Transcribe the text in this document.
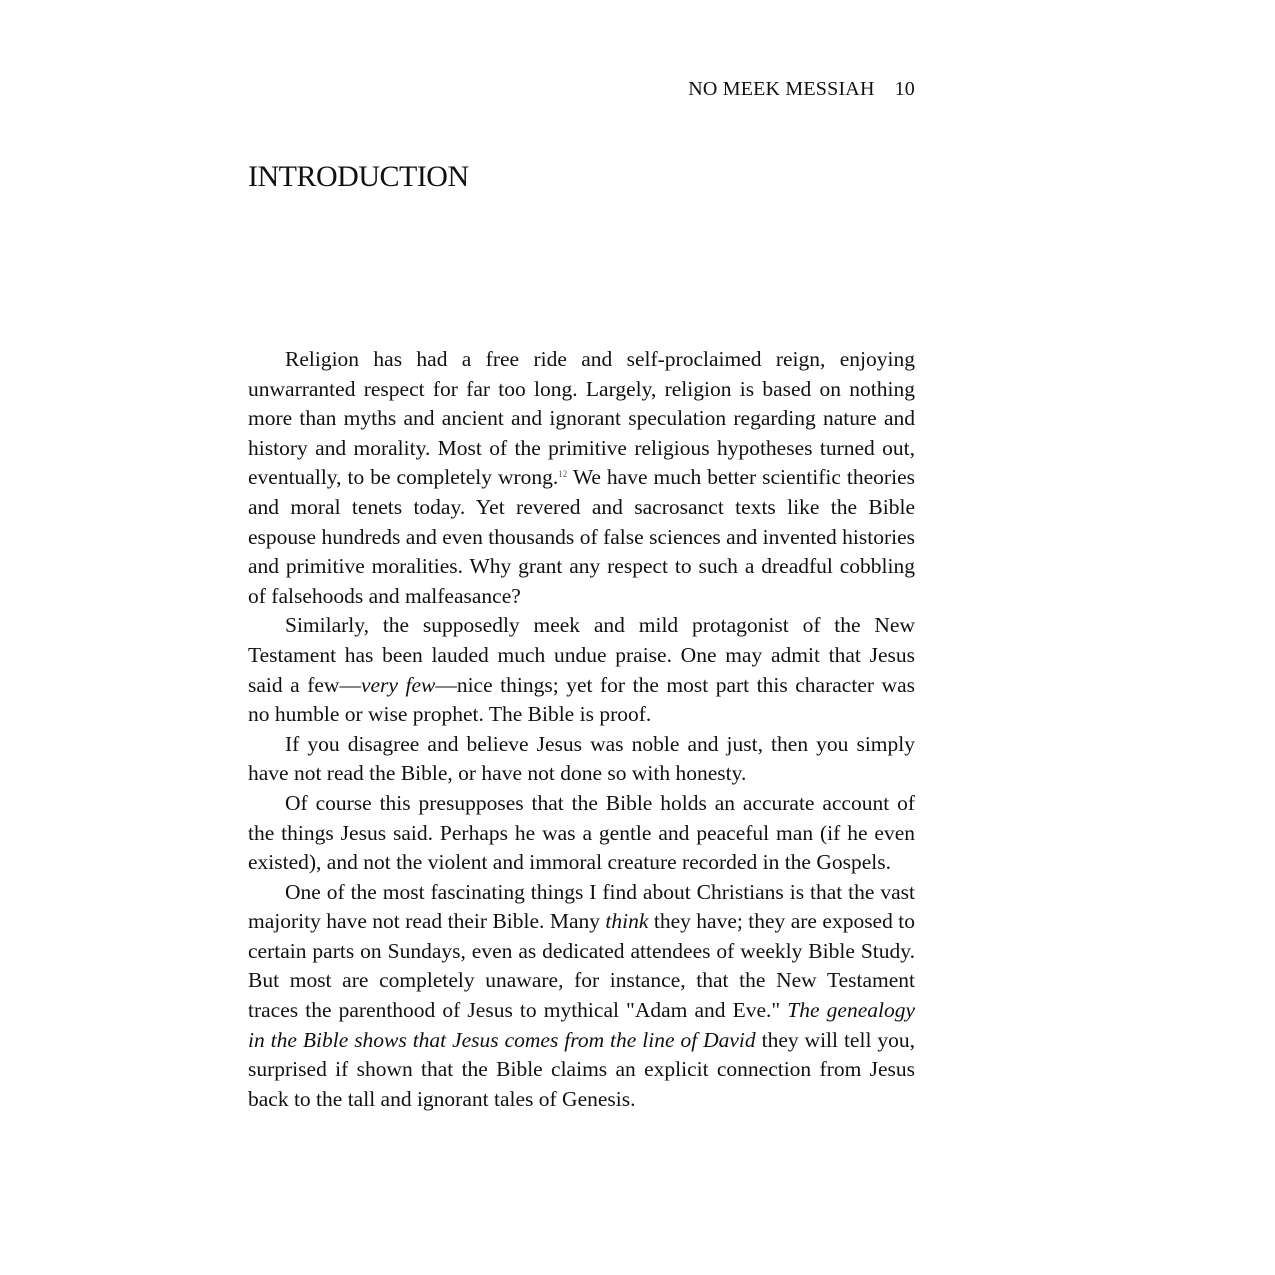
NO MEEK MESSIAH 10
INTRODUCTION

Religion has had a free ride and self-proclaimed reign, enjoying unwarranted respect for far too long. Largely, religion is based on nothing more than myths and ancient and ignorant speculation regarding nature and history and morality. Most of the primitive religious hypotheses turned out, eventually, to be completely wrong.$^{12}$ We have much better scientific theories and moral tenets today. Yet revered and sacrosanct texts like the Bible espouse hundreds and even thousands of false sciences and invented histories and primitive moralities. Why grant any respect to such a dreadful cobbling of falsehoods and malfeasance?

Similarly, the supposedly meek and mild protagonist of the New Testament has been lauded much undue praise. One may admit that Jesus said a few—very few—nice things; yet for the most part this character was no humble or wise prophet. The Bible is proof.

If you disagree and believe Jesus was noble and just, then you simply have not read the Bible, or have not done so with honesty.

Of course this presupposes that the Bible holds an accurate account of the things Jesus said. Perhaps he was a gentle and peaceful man (if he even existed), and not the violent and immoral creature recorded in the Gospels.

One of the most fascinating things I find about Christians is that the vast majority have not read their Bible. Many think they have; they are exposed to certain parts on Sundays, even as dedicated attendees of weekly Bible Study. But most are completely unaware, for instance, that the New Testament traces the parenthood of Jesus to mythical "Adam and Eve." The genealogy in the Bible shows that Jesus comes from the line of David they will tell you, surprised if shown that the Bible claims an explicit connection from Jesus back to the tall and ignorant tales of Genesis.
